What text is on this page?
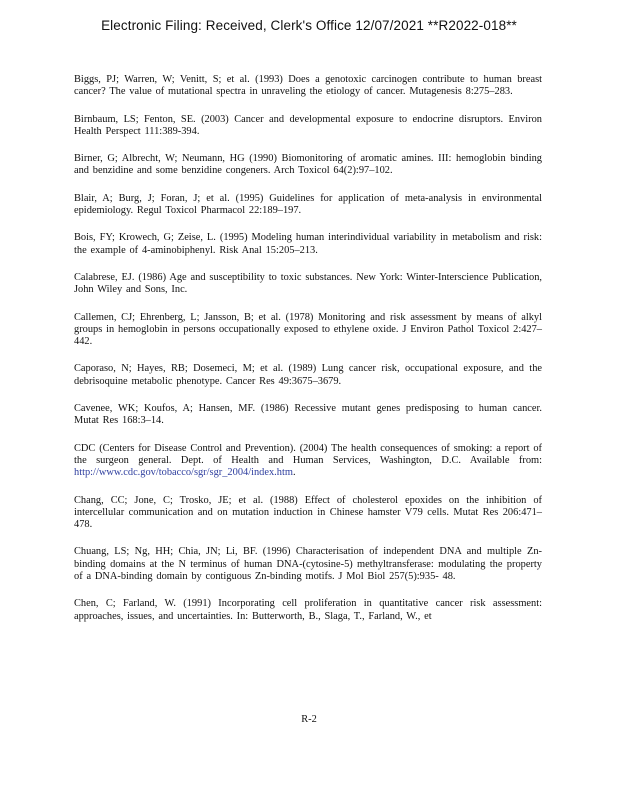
Electronic Filing: Received, Clerk's Office 12/07/2021 **R2022-018**

Biggs, PJ; Warren, W; Venitt, S; et al. (1993) Does a genotoxic carcinogen contribute to human breast cancer? The value of mutational spectra in unraveling the etiology of cancer. Mutagenesis 8:275–283.

Birnbaum, LS; Fenton, SE. (2003) Cancer and developmental exposure to endocrine disruptors. Environ Health Perspect 111:389-394.

Birner, G; Albrecht, W; Neumann, HG (1990) Biomonitoring of aromatic amines. III: hemoglobin binding and benzidine and some benzidine congeners. Arch Toxicol 64(2):97–102.

Blair, A; Burg, J; Foran, J; et al. (1995) Guidelines for application of meta-analysis in environmental epidemiology. Regul Toxicol Pharmacol 22:189–197.

Bois, FY; Krowech, G; Zeise, L. (1995) Modeling human interindividual variability in metabolism and risk: the example of 4-aminobiphenyl. Risk Anal 15:205–213.

Calabrese, EJ. (1986) Age and susceptibility to toxic substances. New York: Winter-Interscience Publication, John Wiley and Sons, Inc.

Callemen, CJ; Ehrenberg, L; Jansson, B; et al. (1978) Monitoring and risk assessment by means of alkyl groups in hemoglobin in persons occupationally exposed to ethylene oxide. J Environ Pathol Toxicol 2:427–442.

Caporaso, N; Hayes, RB; Dosemeci, M; et al. (1989) Lung cancer risk, occupational exposure, and the debrisoquine metabolic phenotype. Cancer Res 49:3675–3679.

Cavenee, WK; Koufos, A; Hansen, MF. (1986) Recessive mutant genes predisposing to human cancer. Mutat Res 168:3–14.

CDC (Centers for Disease Control and Prevention). (2004) The health consequences of smoking: a report of the surgeon general. Dept. of Health and Human Services, Washington, D.C. Available from: http://www.cdc.gov/tobacco/sgr/sgr_2004/index.htm.

Chang, CC; Jone, C; Trosko, JE; et al. (1988) Effect of cholesterol epoxides on the inhibition of intercellular communication and on mutation induction in Chinese hamster V79 cells. Mutat Res 206:471–478.

Chuang, LS; Ng, HH; Chia, JN; Li, BF. (1996) Characterisation of independent DNA and multiple Zn-binding domains at the N terminus of human DNA-(cytosine-5) methyltransferase: modulating the property of a DNA-binding domain by contiguous Zn-binding motifs. J Mol Biol 257(5):935- 48.

Chen, C; Farland, W. (1991) Incorporating cell proliferation in quantitative cancer risk assessment: approaches, issues, and uncertainties. In: Butterworth, B., Slaga, T., Farland, W., et

R-2
